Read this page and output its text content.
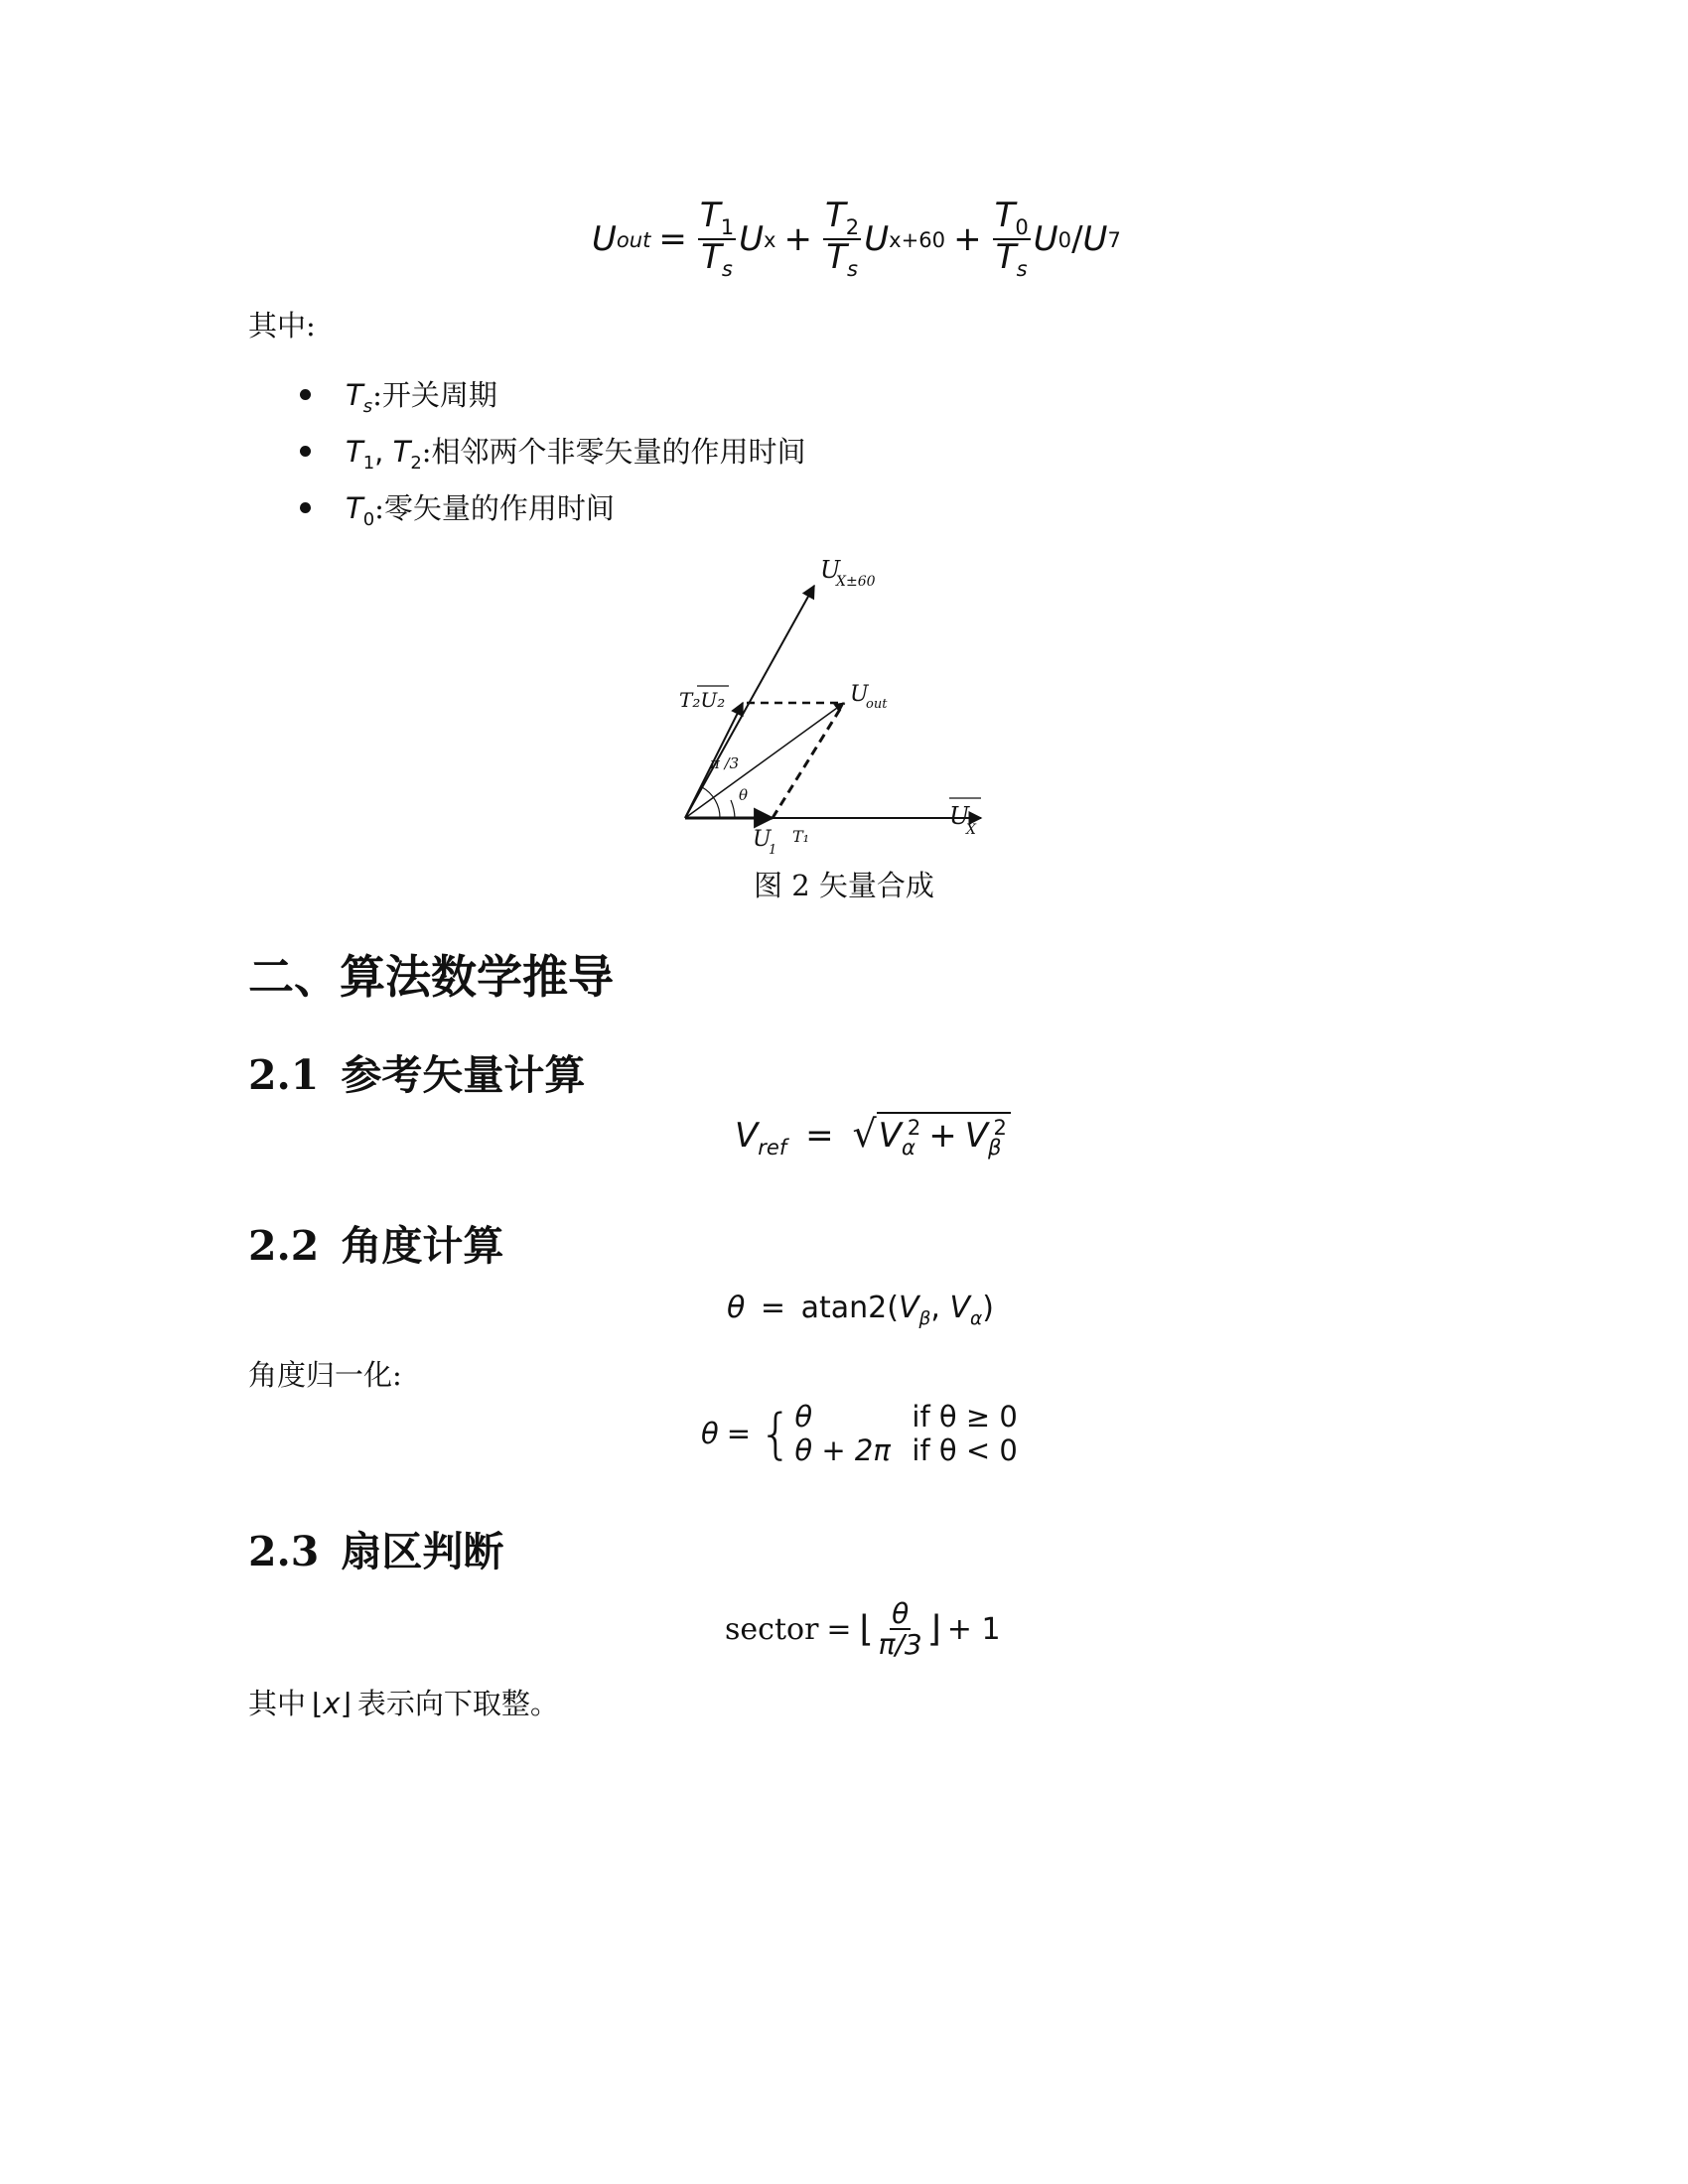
U out = $\frac{T_1}{T_s}$ U $x + \frac{T_2}{T_s}$ U $x+60 + \frac{T_0}{T_s}$ U 0 / U 7
其中:
$T_s$:开关周期
$T_1$, $T_2$:相邻两个非零矢量的作用时间
$T_0$:零矢量的作用时间
U
X±60
T₂U₂	U
out
π /3
θ
U
1
T₁
U
X
图 2 矢量合成
二、算法数学推导
2.1 参考矢量计算
$V_{ref} = √V_\alpha^2 + V_\beta^2$
2.2 角度计算
$\theta = atan2(V_\beta$, $V_\alpha$)
角度归一化:
θ = { θ	if θ ≥ 0
θ + 2π if θ < 0
2.3 扇区判断
sector = ⌊ $\frac{\theta}{\pi/3}$ ⌋ + 1
其中 ⌊x⌋ 表示向下取整。
